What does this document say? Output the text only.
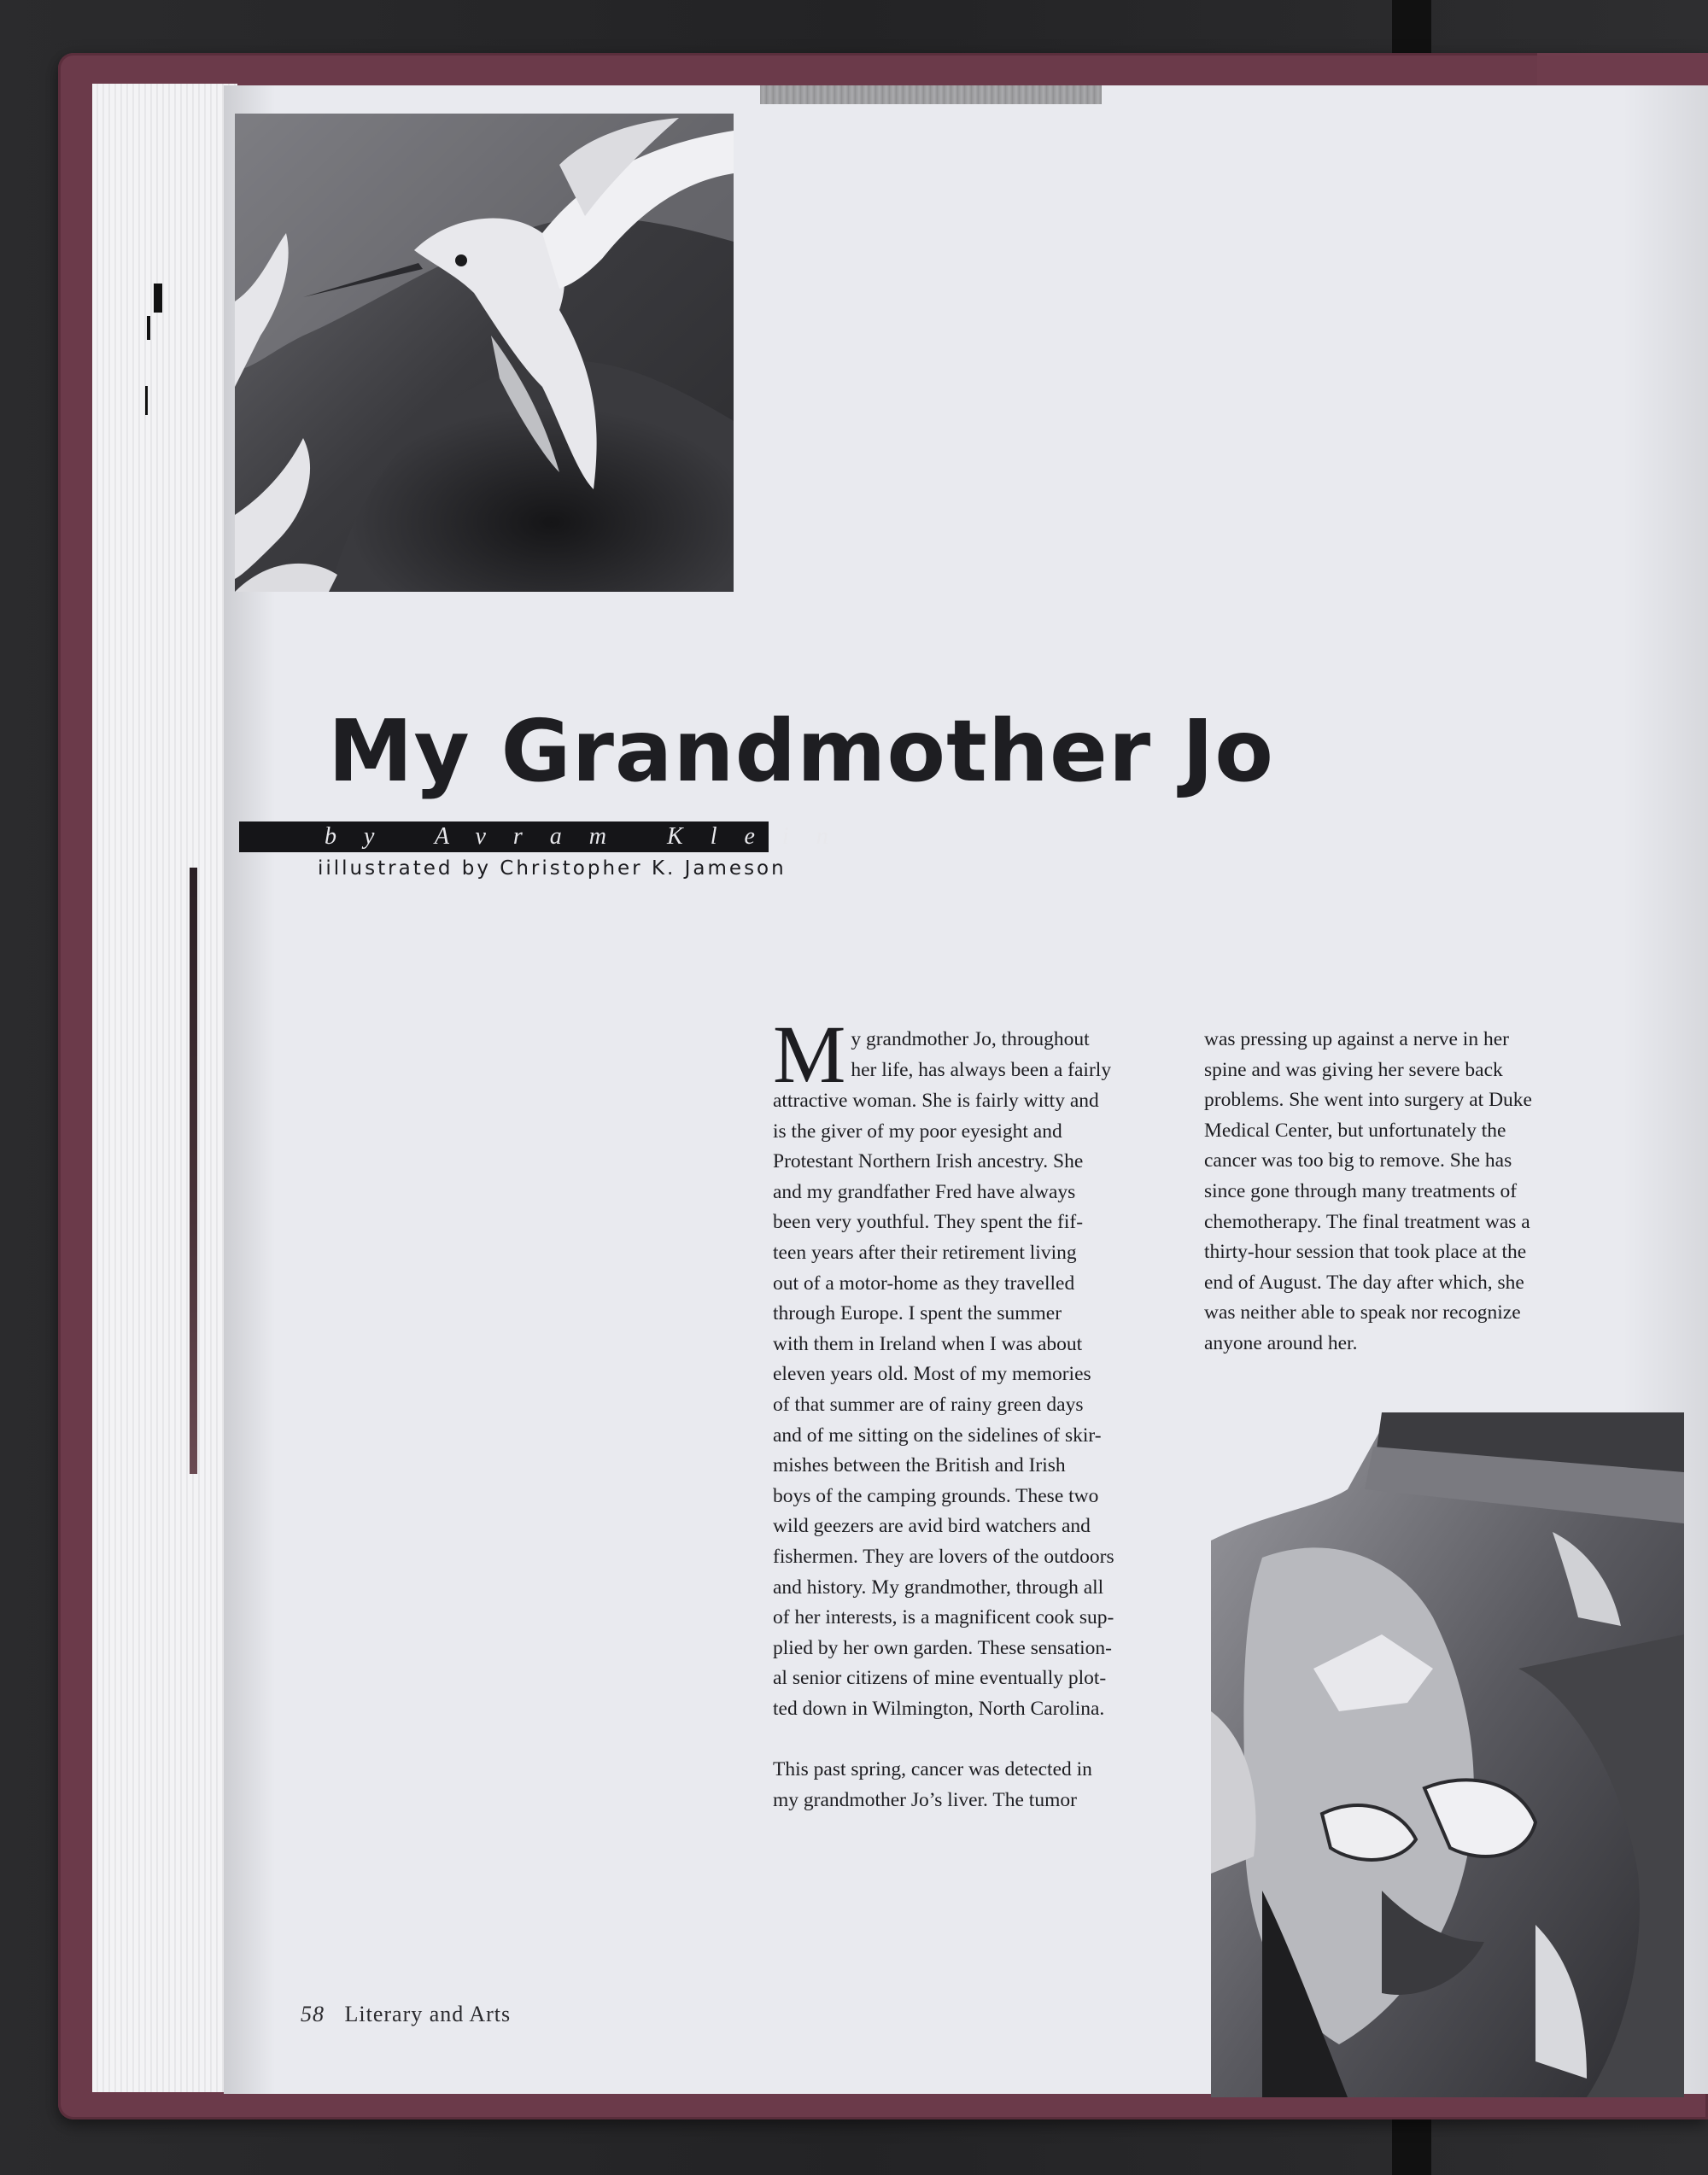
My Grandmother Jo
by Avram Klein
iillustrated by Christopher K. Jameson
M y grandmother Jo, throughout
her life, has always been a fairly
attractive woman. She is fairly witty and
is the giver of my poor eyesight and
Protestant Northern Irish ancestry. She
and my grandfather Fred have always
been very youthful. They spent the fif-
teen years after their retirement living
out of a motor-home as they travelled
through Europe. I spent the summer
with them in Ireland when I was about
eleven years old. Most of my memories
of that summer are of rainy green days
and of me sitting on the sidelines of skir-
mishes between the British and Irish
boys of the camping grounds. These two
wild geezers are avid bird watchers and
fishermen. They are lovers of the outdoors
and history. My grandmother, through all
of her interests, is a magnificent cook sup-
plied by her own garden. These sensation-
al senior citizens of mine eventually plot-
ted down in Wilmington, North Carolina.
This past spring, cancer was detected in
my grandmother Jo’s liver. The tumor
was pressing up against a nerve in her
spine and was giving her severe back
problems. She went into surgery at Duke
Medical Center, but unfortunately the
cancer was too big to remove. She has
since gone through many treatments of
chemotherapy. The final treatment was a
thirty-hour session that took place at the
end of August. The day after which, she
was neither able to speak nor recognize
anyone around her.
58 Literary and Arts
